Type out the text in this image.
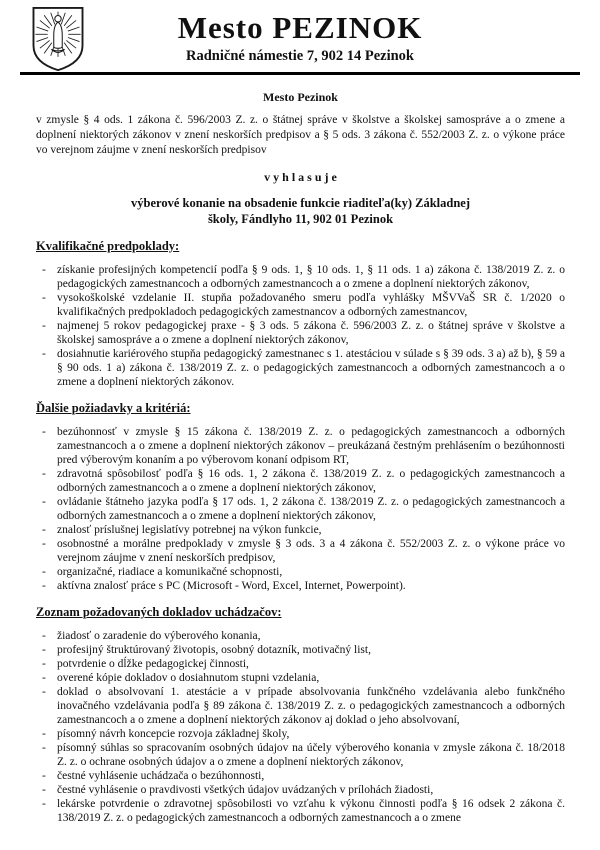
Mesto PEZINOK
Radničné námestie 7, 902 14 Pezinok

Mesto Pezinok

v zmysle § 4 ods. 1 zákona č. 596/2003 Z. z. o štátnej správe v školstve a školskej samospráve a o zmene a doplnení niektorých zákonov v znení neskorších predpisov a § 5 ods. 3 zákona č. 552/2003 Z. z. o výkone práce vo verejnom záujme v znení neskorších predpisov

v y h l a s u j e

výberové konanie na obsadenie funkcie riaditeľa(ky) Základnej
školy, Fándlyho 11, 902 01 Pezinok

Kvalifikačné predpoklady:
- získanie profesijných kompetencií podľa § 9 ods. 1, § 10 ods. 1, § 11 ods. 1 a) zákona č. 138/2019 Z. z. o pedagogických zamestnancoch a odborných zamestnancoch a o zmene a doplnení niektorých zákonov,
- vysokoškolské vzdelanie II. stupňa požadovaného smeru podľa vyhlášky MŠVVaŠ SR č. 1/2020 o kvalifikačných predpokladoch pedagogických zamestnancov a odborných zamestnancov,
- najmenej 5 rokov pedagogickej praxe - § 3 ods. 5 zákona č. 596/2003 Z. z. o štátnej správe v školstve a školskej samospráve a o zmene a doplnení niektorých zákonov,
- dosiahnutie kariérového stupňa pedagogický zamestnanec s 1. atestáciou v súlade s § 39 ods. 3 a) až b), § 59 a § 90 ods. 1 a) zákona č. 138/2019 Z. z. o pedagogických zamestnancoch a odborných zamestnancoch a o zmene a doplnení niektorých zákonov.
Ďalšie požiadavky a kritériá:
- bezúhonnosť v zmysle § 15 zákona č. 138/2019 Z. z. o pedagogických zamestnancoch a odborných zamestnancoch a o zmene a doplnení niektorých zákonov – preukázaná čestným prehlásením o bezúhonnosti pred výberovým konaním a po výberovom konaní odpisom RT,
- zdravotná spôsobilosť podľa § 16 ods. 1, 2 zákona č. 138/2019 Z. z. o pedagogických zamestnancoch a odborných zamestnancoch a o zmene a doplnení niektorých zákonov,
- ovládanie štátneho jazyka podľa § 17 ods. 1, 2 zákona č. 138/2019 Z. z. o pedagogických zamestnancoch a odborných zamestnancoch a o zmene a doplnení niektorých zákonov,
- znalosť príslušnej legislatívy potrebnej na výkon funkcie,
- osobnostné a morálne predpoklady v zmysle § 3 ods. 3 a 4 zákona č. 552/2003 Z. z. o výkone práce vo verejnom záujme v znení neskorších predpisov,
- organizačné, riadiace a komunikačné schopnosti,
- aktívna znalosť práce s PC (Microsoft - Word, Excel, Internet, Powerpoint).
Zoznam požadovaných dokladov uchádzačov:
- žiadosť o zaradenie do výberového konania,
- profesijný štruktúrovaný životopis, osobný dotazník, motivačný list,
- potvrdenie o dĺžke pedagogickej činnosti,
- overené kópie dokladov o dosiahnutom stupni vzdelania,
- doklad o absolvovaní 1. atestácie a v prípade absolvovania funkčného vzdelávania alebo funkčného inovačného vzdelávania podľa § 89 zákona č. 138/2019 Z. z. o pedagogických zamestnancoch a odborných zamestnancoch a o zmene a doplnení niektorých zákonov aj doklad o jeho absolvovaní,
- písomný návrh koncepcie rozvoja základnej školy,
- písomný súhlas so spracovaním osobných údajov na účely výberového konania v zmysle zákona č. 18/2018 Z. z. o ochrane osobných údajov a o zmene a doplnení niektorých zákonov,
- čestné vyhlásenie uchádzača o bezúhonnosti,
- čestné vyhlásenie o pravdivosti všetkých údajov uvádzaných v prílohách žiadosti,
- lekárske potvrdenie o zdravotnej spôsobilosti vo vzťahu k výkonu činnosti podľa § 16 odsek 2 zákona č. 138/2019 Z. z. o pedagogických zamestnancoch a odborných zamestnancoch a o zmene
